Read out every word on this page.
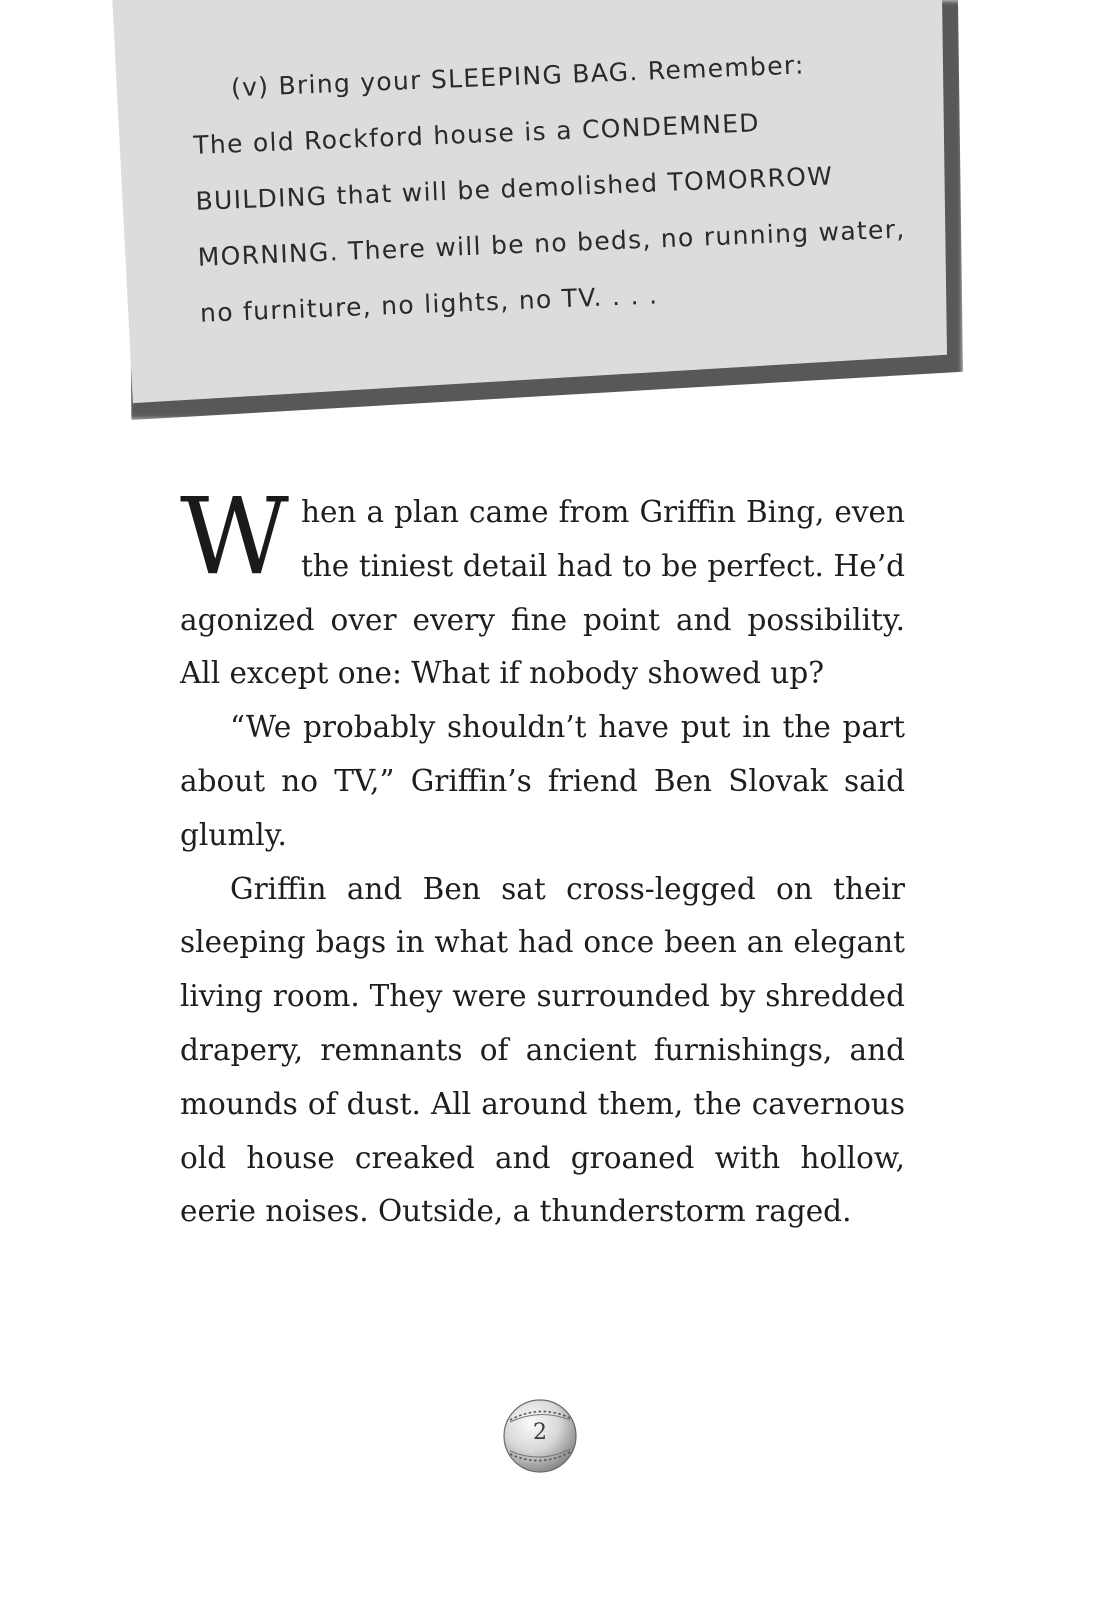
(v) Bring your SLEEPING BAG. Remember:
The old Rockford house is a CONDEMNED
BUILDING that will be demolished TOMORROW
MORNING. There will be no beds, no running water,
no furniture, no lights, no TV. . . .

When a plan came from Griffin Bing, even the tiniest detail had to be perfect. He’d agonized over every fine point and possibility. All except one: What if nobody showed up?

“We probably shouldn’t have put in the part about no TV,” Griffin’s friend Ben Slovak said glumly.

Griffin and Ben sat cross-legged on their sleeping bags in what had once been an elegant living room. They were surrounded by shredded drapery, remnants of ancient furnishings, and mounds of dust. All around them, the cavernous old house creaked and groaned with hollow, eerie noises. Outside, a thunderstorm raged.

2
